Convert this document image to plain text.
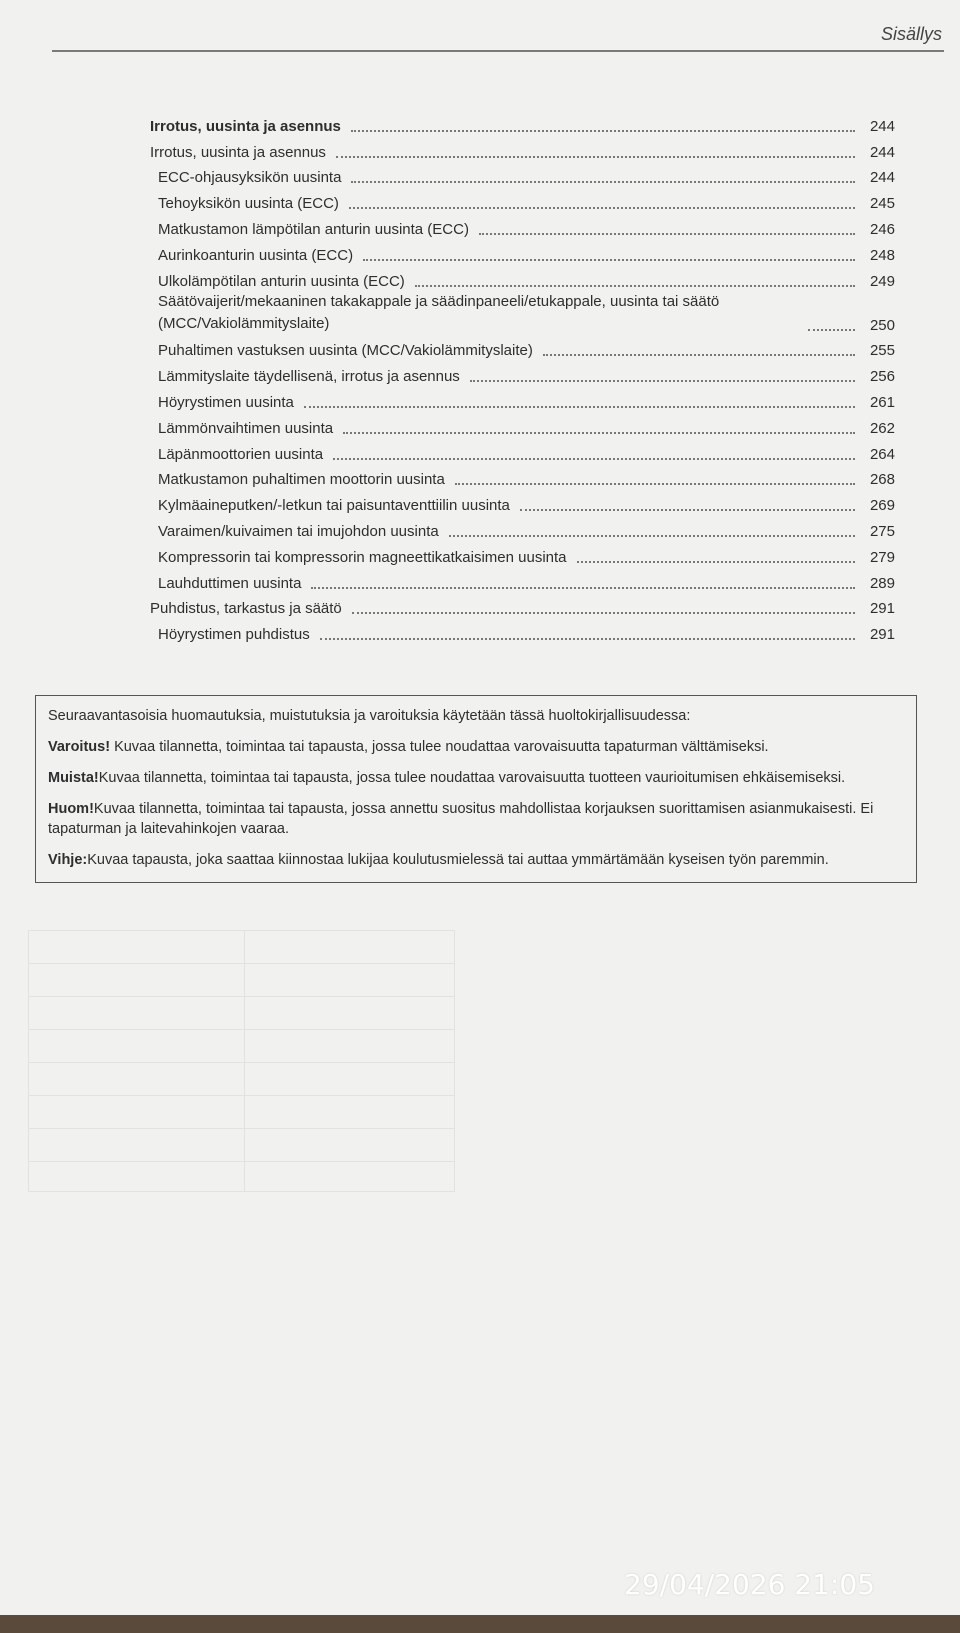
Sisällys
Irrotus, uusinta ja asennus	244
Irrotus, uusinta ja asennus	244
ECC-ohjausyksikön uusinta	244
Tehoyksikön uusinta (ECC)	245
Matkustamon lämpötilan anturin uusinta (ECC)	246
Aurinkoanturin uusinta (ECC)	248
Ulkolämpötilan anturin uusinta (ECC)	249
Säätövaijerit/mekaaninen takakappale ja säädinpaneeli/etukappale, uusinta tai säätö (MCC/Vakiolämmityslaite)	250
Puhaltimen vastuksen uusinta (MCC/Vakiolämmityslaite)	255
Lämmityslaite täydellisenä, irrotus ja asennus	256
Höyrystimen uusinta	261
Lämmönvaihtimen uusinta	262
Läpänmoottorien uusinta	264
Matkustamon puhaltimen moottorin uusinta	268
Kylmäaineputken/-letkun tai paisuntaventtiilin uusinta	269
Varaimen/kuivaimen tai imujohdon uusinta	275
Kompressorin tai kompressorin magneettikatkaisimen uusinta	279
Lauhduttimen uusinta	289
Puhdistus, tarkastus ja säätö	291
Höyrystimen puhdistus	291

Seuraavantasoisia huomautuksia, muistutuksia ja varoituksia käytetään tässä huoltokirjallisuudessa:

Varoitus! Kuvaa tilannetta, toimintaa tai tapausta, jossa tulee noudattaa varovaisuutta tapaturman välttämiseksi.

Muista!Kuvaa tilannetta, toimintaa tai tapausta, jossa tulee noudattaa varovaisuutta tuotteen vaurioitumisen ehkäisemiseksi.

Huom!Kuvaa tilannetta, toimintaa tai tapausta, jossa annettu suositus mahdollistaa korjauksen suorittamisen asianmukaisesti. Ei tapaturman ja laitevahinkojen vaaraa.

Vihje:Kuvaa tapausta, joka saattaa kiinnostaa lukijaa koulutusmielessä tai auttaa ymmärtämään kyseisen työn paremmin.

29/04/2026 21:05
